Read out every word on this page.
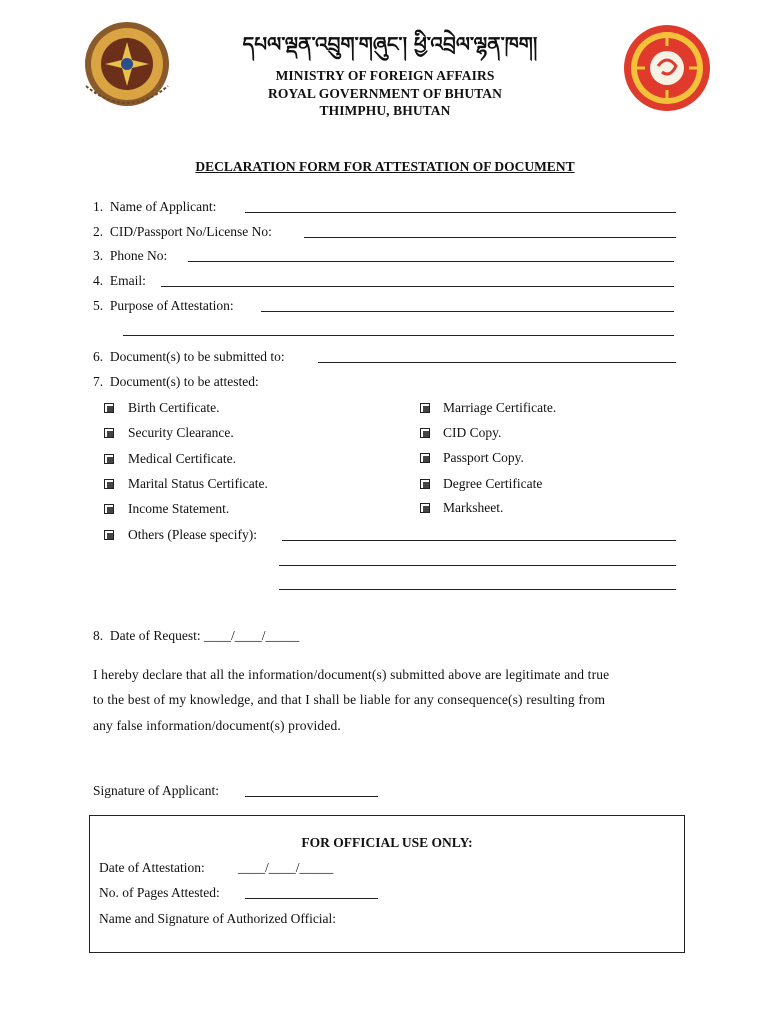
དཔལ་ལྡན་འབྲུག་གཞུང་། ཕྱི་འབྲེལ་ལྷན་ཁག།
MINISTRY OF FOREIGN AFFAIRS
ROYAL GOVERNMENT OF BHUTAN
THIMPHU, BHUTAN
DECLARATION FORM FOR ATTESTATION OF DOCUMENT
1. Name of Applicant:
2. CID/Passport No/License No:
3. Phone No:
4. Email:
5. Purpose of Attestation:
6. Document(s) to be submitted to:
7. Document(s) to be attested:
Birth Certificate.
Security Clearance.
Medical Certificate.
Marital Status Certificate.
Income Statement.
Marriage Certificate.
CID Copy.
Passport Copy.
Degree Certificate
Marksheet.
Others (Please specify):
8. Date of Request: ____/____/_____
I hereby declare that all the information/document(s) submitted above are legitimate and true
to the best of my knowledge, and that I shall be liable for any consequence(s) resulting from
any false information/document(s) provided.
Signature of Applicant:
FOR OFFICIAL USE ONLY:
Date of Attestation: ____/____/_____
No. of Pages Attested:
Name and Signature of Authorized Official:
